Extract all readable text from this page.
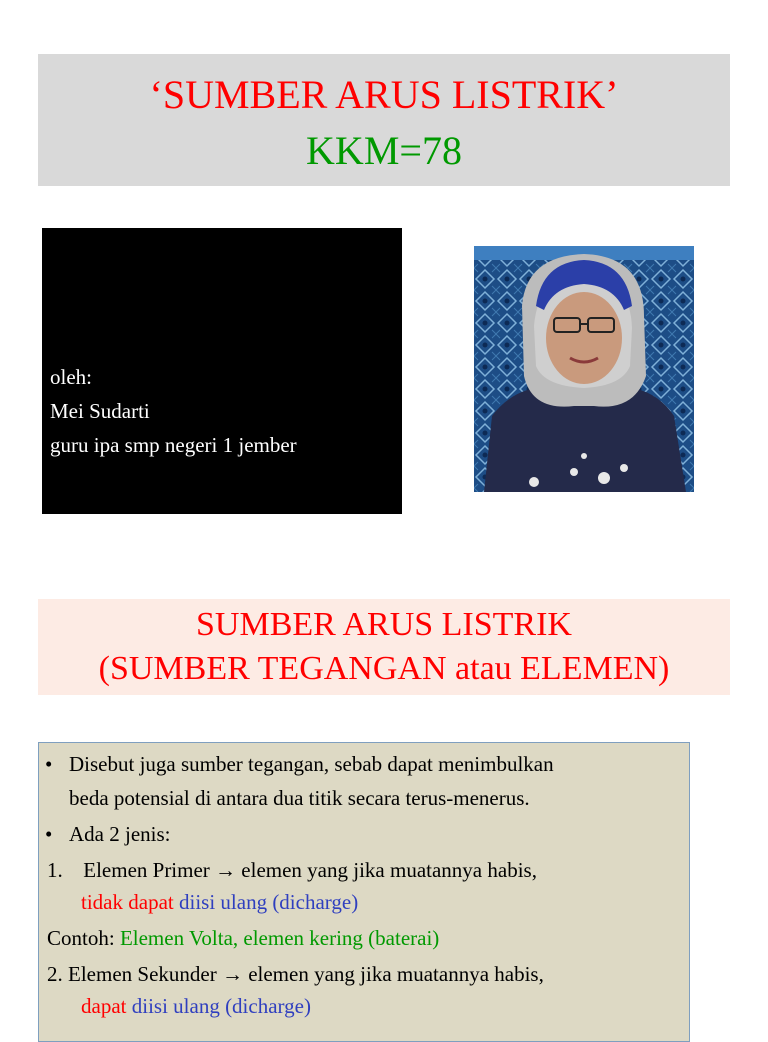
‘SUMBER ARUS LISTRIK’
KKM=78
oleh:
Mei Sudarti
guru ipa smp negeri 1 jember
SUMBER ARUS LISTRIK
(SUMBER TEGANGAN atau ELEMEN)
• Disebut juga sumber tegangan, sebab dapat menimbulkan
beda potensial di antara dua titik secara terus-menerus.
• Ada 2 jenis:
1. Elemen Primer → elemen yang jika muatannya habis,
tidak dapat diisi ulang (dicharge)
Contoh: Elemen Volta, elemen kering (baterai)
2. Elemen Sekunder → elemen yang jika muatannya habis,
dapat diisi ulang (dicharge)
